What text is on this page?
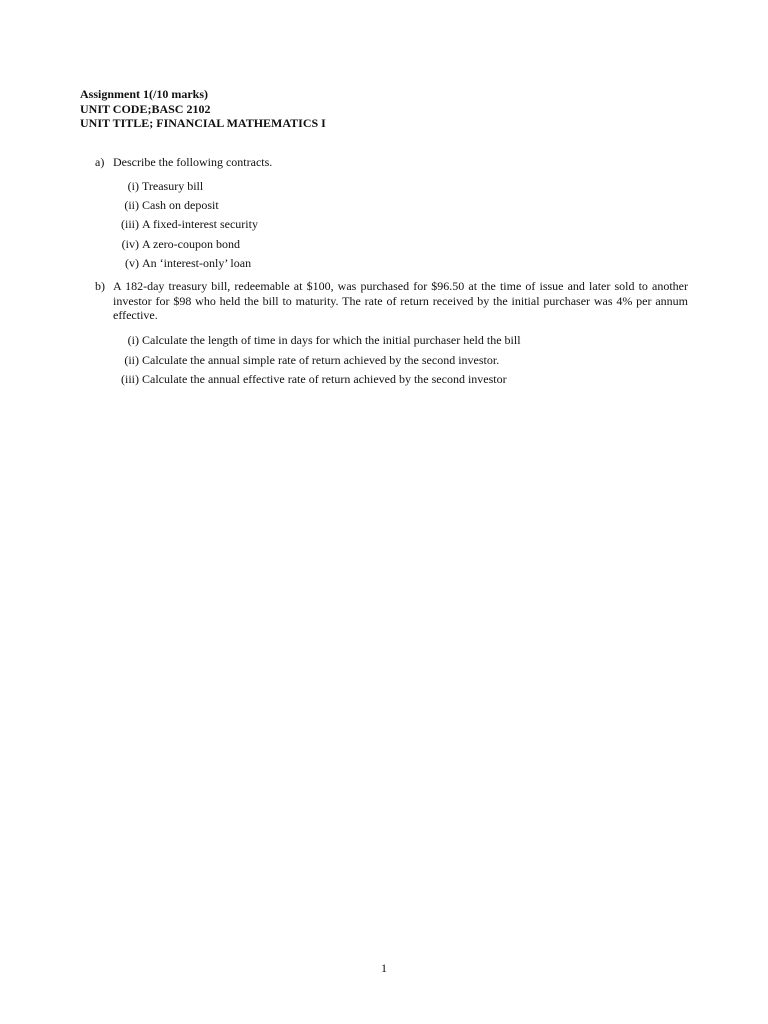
Assignment 1(/10 marks)
UNIT CODE;BASC 2102
UNIT TITLE; FINANCIAL MATHEMATICS I
a) Describe the following contracts.
(i) Treasury bill
(ii) Cash on deposit
(iii) A fixed-interest security
(iv) A zero-coupon bond
(v) An ‘interest-only’ loan
b) A 182-day treasury bill, redeemable at $100, was purchased for $96.50 at the time of issue and later sold to another investor for $98 who held the bill to maturity. The rate of return received by the initial purchaser was 4% per annum effective.
(i) Calculate the length of time in days for which the initial purchaser held the bill
(ii) Calculate the annual simple rate of return achieved by the second investor.
(iii) Calculate the annual effective rate of return achieved by the second investor
1
